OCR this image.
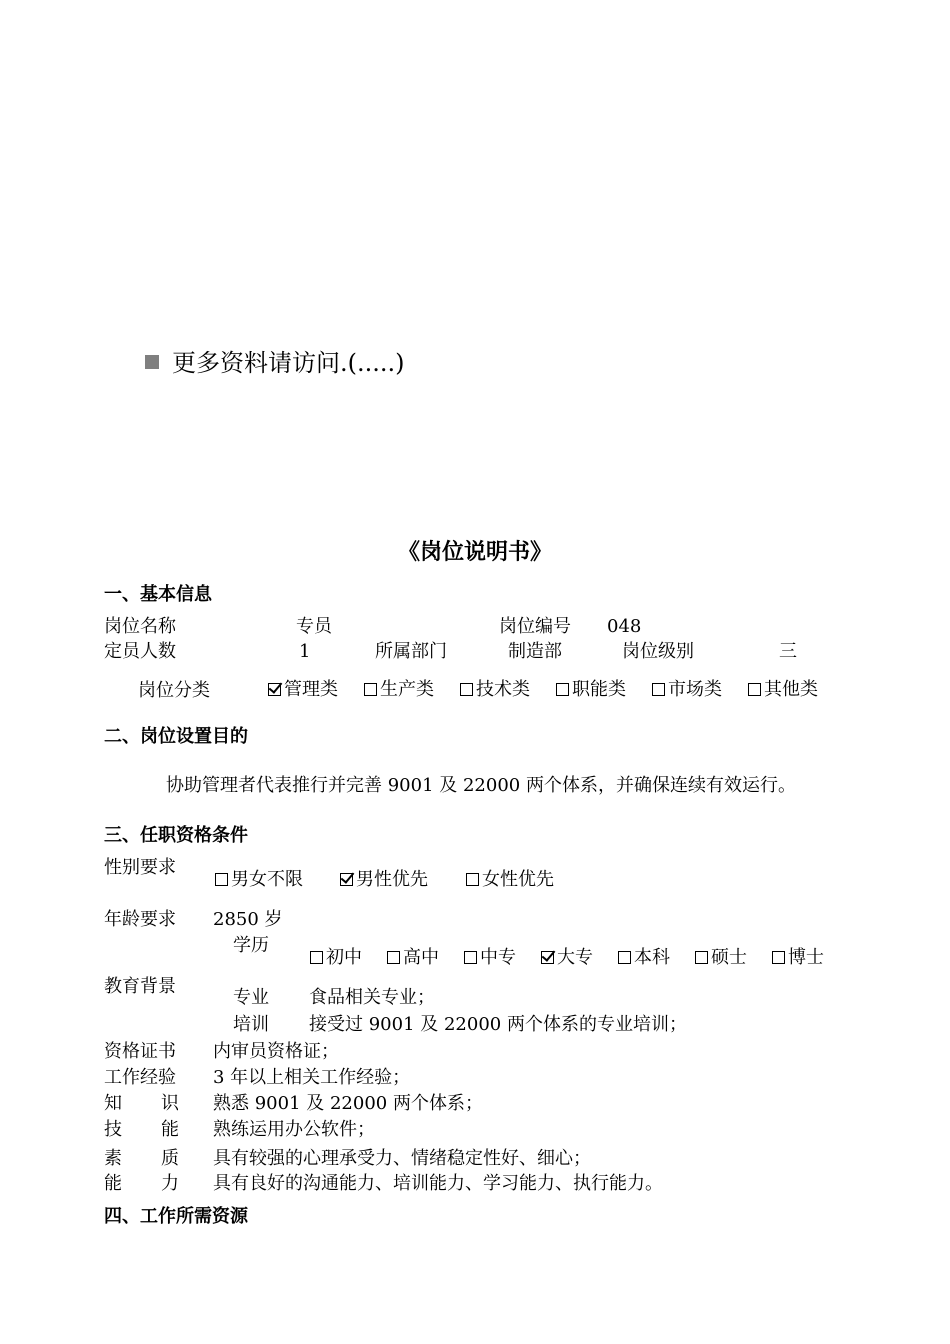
更多资料请访问.(.....)
《岗位说明书》
一、基本信息
岗位名称	专员	岗位编号 048
定员人数	1	所属部门	制造部	岗位级别	三
岗位分类	管理类	生产类	技术类	职能类	市场类	其他类
二、岗位设置目的
协助管理者代表推行并完善 9001 及 22000 两个体系，并确保连续有效运行。
三、任职资格条件
性别要求
男女不限	男性优先	女性优先
年龄要求 2850 岁
学历
初中	高中	中专	大专	本科	硕士	博士
教育背景
专业 食品相关专业；
培训 接受过 9001 及 22000 两个体系的专业培训；
资格证书 内审员资格证；
工作经验 3 年以上相关工作经验；
知 识 熟悉 9001 及 22000 两个体系；
技 能 熟练运用办公软件；
素 质 具有较强的心理承受力、情绪稳定性好、细心；
能 力 具有良好的沟通能力、培训能力、学习能力、执行能力。
四、工作所需资源
